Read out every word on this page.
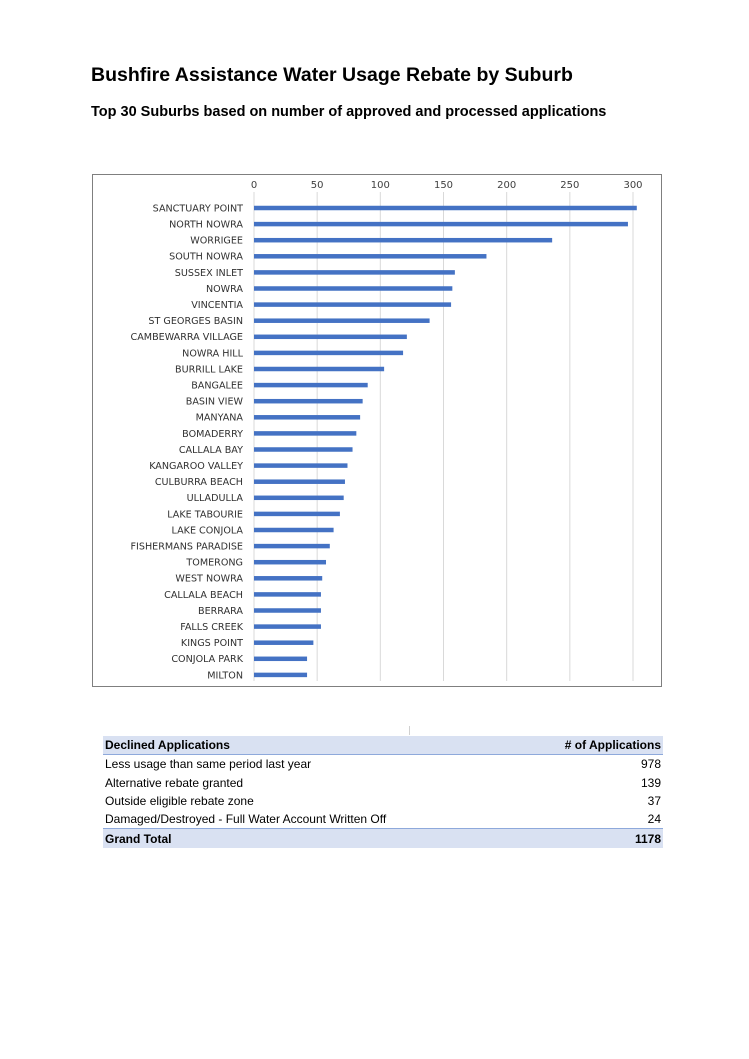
Bushfire Assistance Water Usage Rebate by Suburb
Top 30 Suburbs based on number of approved and processed applications
0	50	100	150	200	250	300
SANCTUARY POINT
NORTH NOWRA
WORRIGEE
SOUTH NOWRA
SUSSEX INLET
NOWRA
VINCENTIA
ST GEORGES BASIN
CAMBEWARRA VILLAGE
NOWRA HILL
BURRILL LAKE
BANGALEE
BASIN VIEW
MANYANA
BOMADERRY
CALLALA BAY
KANGAROO VALLEY
CULBURRA BEACH
ULLADULLA
LAKE TABOURIE
LAKE CONJOLA
FISHERMANS PARADISE
TOMERONG
WEST NOWRA
CALLALA BEACH
BERRARA
FALLS CREEK
KINGS POINT
CONJOLA PARK
MILTON
Declined Applications	# of Applications
Less usage than same period last year	978
Alternative rebate granted	139
Outside eligible rebate zone	37
Damaged/Destroyed - Full Water Account Written Off	24
Grand Total	1178
